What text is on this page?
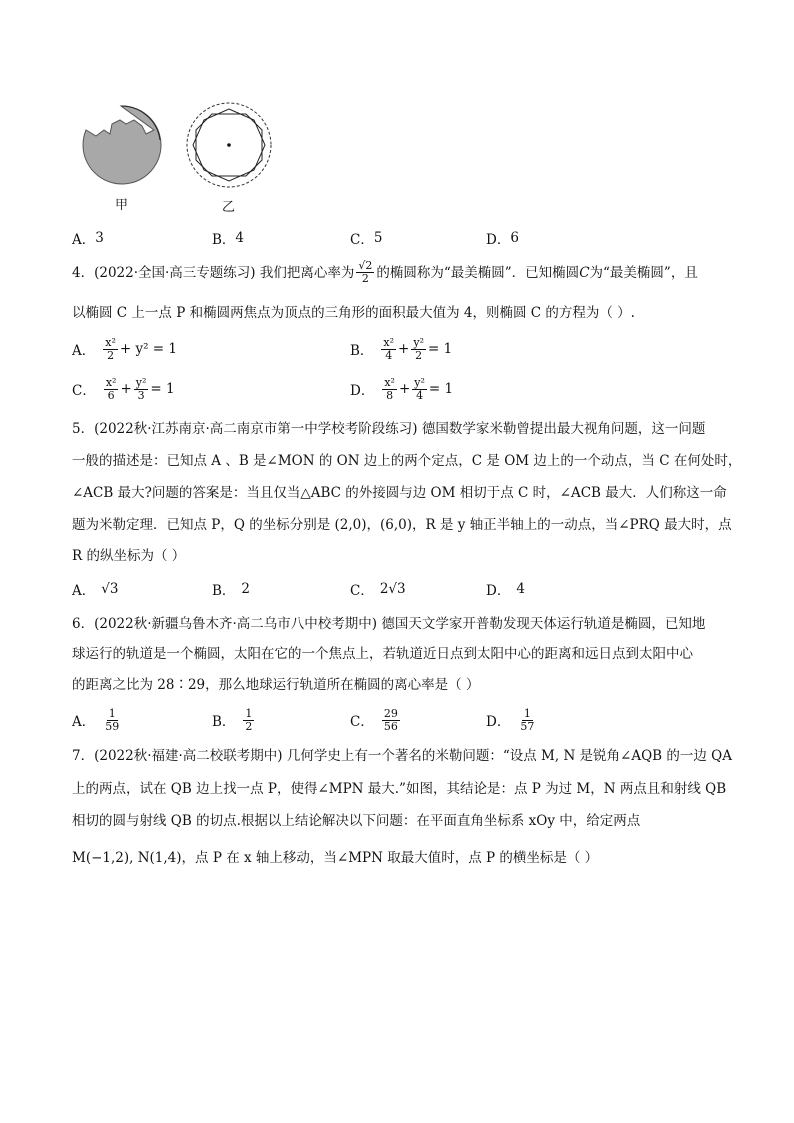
甲	乙
A． 3	B． 4	C． 5	D． 6
4．(2022·全国·高三专题练习) 我们把离心率为 $\frac{√2}{2}$ 的椭圆称为“最美椭圆”．已知椭圆 C 为“最美椭圆”，且
以椭圆 C 上一点 P 和椭圆两焦点为顶点的三角形的面积最大值为 4，则椭圆 C 的方程为（ ）.
A． $\frac{\text{x²}}{2} + y^2 = 1$	B． $\frac{\text{x²}}{4} + \frac{\text{y²}}{2} = 1$
C． $\frac{\text{x²}}{6} + \frac{\text{y²}}{3} = 1$	D． $\frac{\text{x²}}{8} + \frac{\text{y²}}{4} = 1$
5．(2022秋·江苏南京·高二南京市第一中学校考阶段练习) 德国数学家米勒曾提出最大视角问题，这一问题
一般的描述是：已知点 A 、B 是∠MON 的 ON 边上的两个定点，C 是 OM 边上的一个动点，当 C 在何处时，
∠ACB 最大?问题的答案是：当且仅当△ABC 的外接圆与边 OM 相切于点 C 时，∠ACB 最大．人们称这一命
题为米勒定理．已知点 P，Q 的坐标分别是 (2,0)，(6,0)，R 是 y 轴正半轴上的一动点，当∠PRQ 最大时，点
R 的纵坐标为（ ）
A． √3	B． 2	C． 2√3	D． 4
6．(2022秋·新疆乌鲁木齐·高二乌市八中校考期中) 德国天文学家开普勒发现天体运行轨道是椭圆，已知地
球运行的轨道是一个椭圆，太阳在它的一个焦点上，若轨道近日点到太阳中心的距离和远日点到太阳中心
的距离之比为 28∶29，那么地球运行轨道所在椭圆的离心率是（ ）
A． $\frac{1}{59}$	B． $\frac{1}{2}$	C． $\frac{29}{56}$	D． $\frac{1}{57}$
7．(2022秋·福建·高二校联考期中) 几何学史上有一个著名的米勒问题：“设点 M, N 是锐角∠AQB 的一边 QA
上的两点，试在 QB 边上找一点 P，使得∠MPN 最大.”如图，其结论是：点 P 为过 M，N 两点且和射线 QB
相切的圆与射线 QB 的切点.根据以上结论解决以下问题：在平面直角坐标系 xOy 中，给定两点
M(−1,2), N(1,4)，点 P 在 x 轴上移动，当∠MPN 取最大值时，点 P 的横坐标是（ ）
